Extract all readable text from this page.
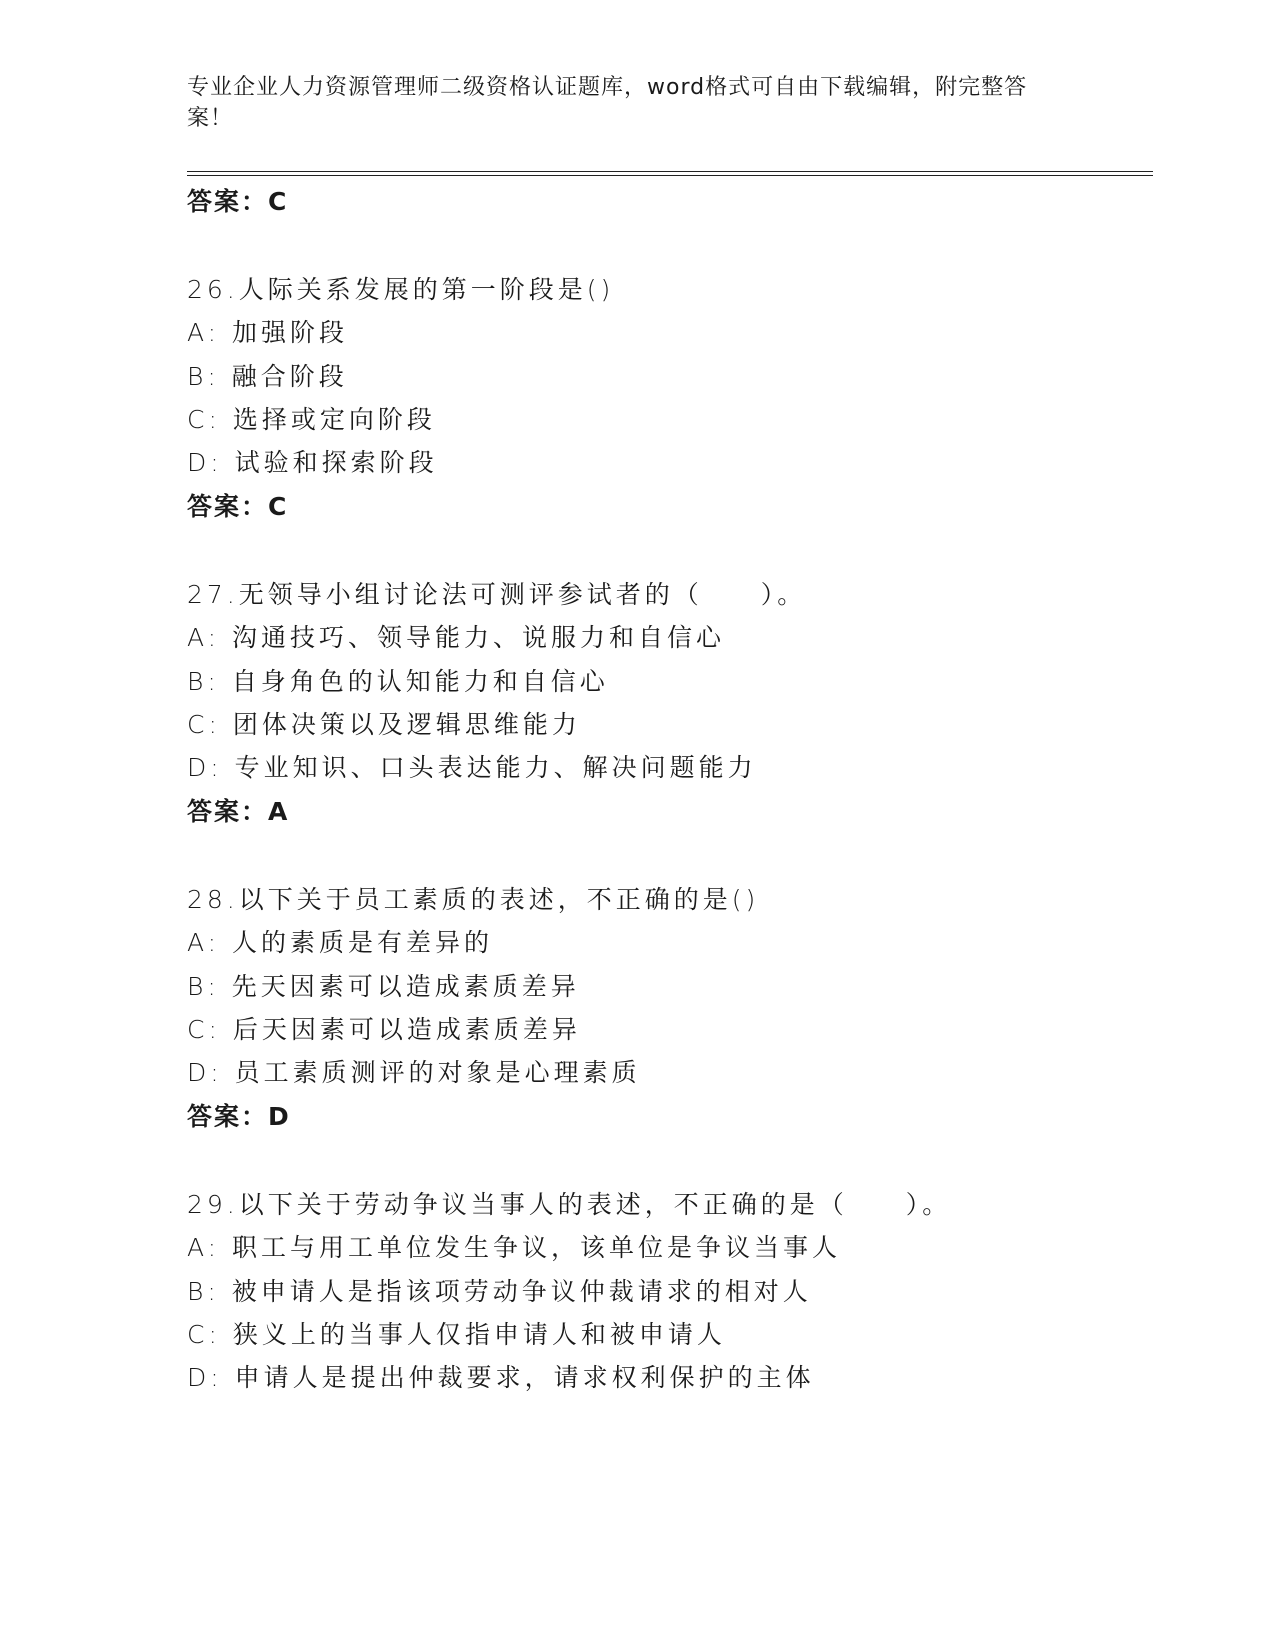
专业企业人力资源管理师二级资格认证题库，word格式可自由下载编辑，附完整答案！
答案：C
26.人际关系发展的第一阶段是()
A: 加强阶段
B: 融合阶段
C: 选择或定向阶段
D: 试验和探索阶段
答案：C
27.无领导小组讨论法可测评参试者的（　　）。
A: 沟通技巧、领导能力、说服力和自信心
B: 自身角色的认知能力和自信心
C: 团体决策以及逻辑思维能力
D: 专业知识、口头表达能力、解决问题能力
答案：A
28.以下关于员工素质的表述，不正确的是()
A: 人的素质是有差异的
B: 先天因素可以造成素质差异
C: 后天因素可以造成素质差异
D: 员工素质测评的对象是心理素质
答案：D
29.以下关于劳动争议当事人的表述，不正确的是（　　）。
A: 职工与用工单位发生争议，该单位是争议当事人
B: 被申请人是指该项劳动争议仲裁请求的相对人
C: 狭义上的当事人仅指申请人和被申请人
D: 申请人是提出仲裁要求，请求权利保护的主体
